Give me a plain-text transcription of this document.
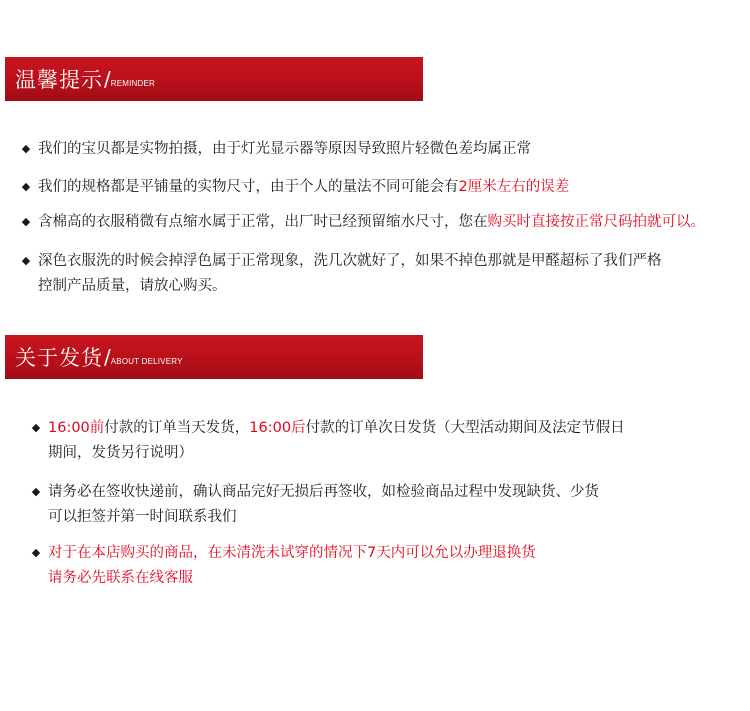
温馨提示 / REMINDER
◆ 我们的宝贝都是实物拍摄，由于灯光显示器等原因导致照片轻微色差均属正常
◆ 我们的规格都是平铺量的实物尺寸，由于个人的量法不同可能会有2厘米左右的误差
◆ 含棉高的衣服稍微有点缩水属于正常，出厂时已经预留缩水尺寸，您在购买时直接按正常尺码拍就可以。
◆ 深色衣服洗的时候会掉浮色属于正常现象，洗几次就好了，如果不掉色那就是甲醛超标了我们严格
控制产品质量，请放心购买。
关于发货 / ABOUT DELIVERY
◆ 16:00前付款的订单当天发货，16:00后付款的订单次日发货（大型活动期间及法定节假日
期间，发货另行说明）
◆ 请务必在签收快递前，确认商品完好无损后再签收，如检验商品过程中发现缺货、少货
可以拒签并第一时间联系我们
◆ 对于在本店购买的商品，在未清洗未试穿的情况下7天内可以允以办理退换货
请务必先联系在线客服
